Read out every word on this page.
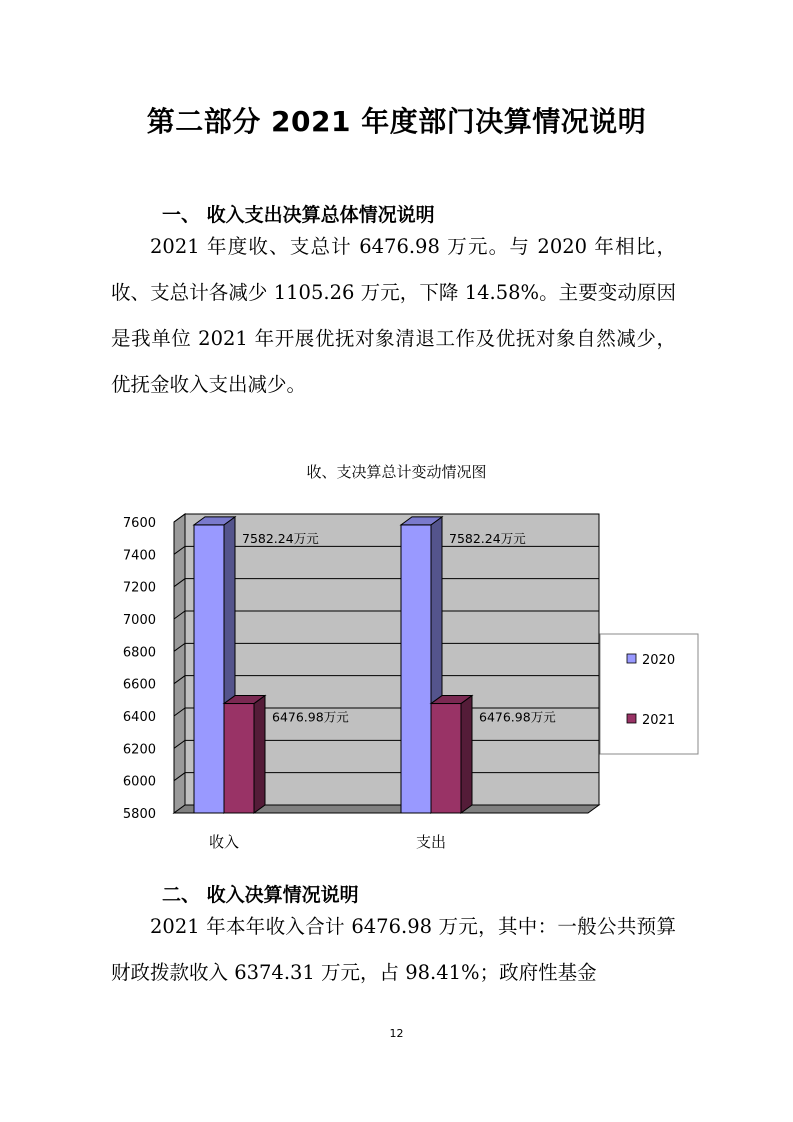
第二部分 2021 年度部门决算情况说明
一、 收入支出决算总体情况说明

2021 年度收、支总计 6476.98 万元。与 2020 年相比，收、支总计各减少 1105.26 万元，下降 14.58%。主要变动原因是我单位 2021 年开展优抚对象清退工作及优抚对象自然减少，优抚金收入支出减少。

收、支决算总计变动情况图
5800
6000
6200
6400
6600
6800
7000
7200
7400
7600
7582.24万元
6476.98万元
收入
7582.24万元
6476.98万元
支出
2020
2021
二、 收入决算情况说明

2021 年本年收入合计 6476.98 万元，其中：一般公共预算财政拨款收入 6374.31 万元，占 98.41%；政府性基金

12
